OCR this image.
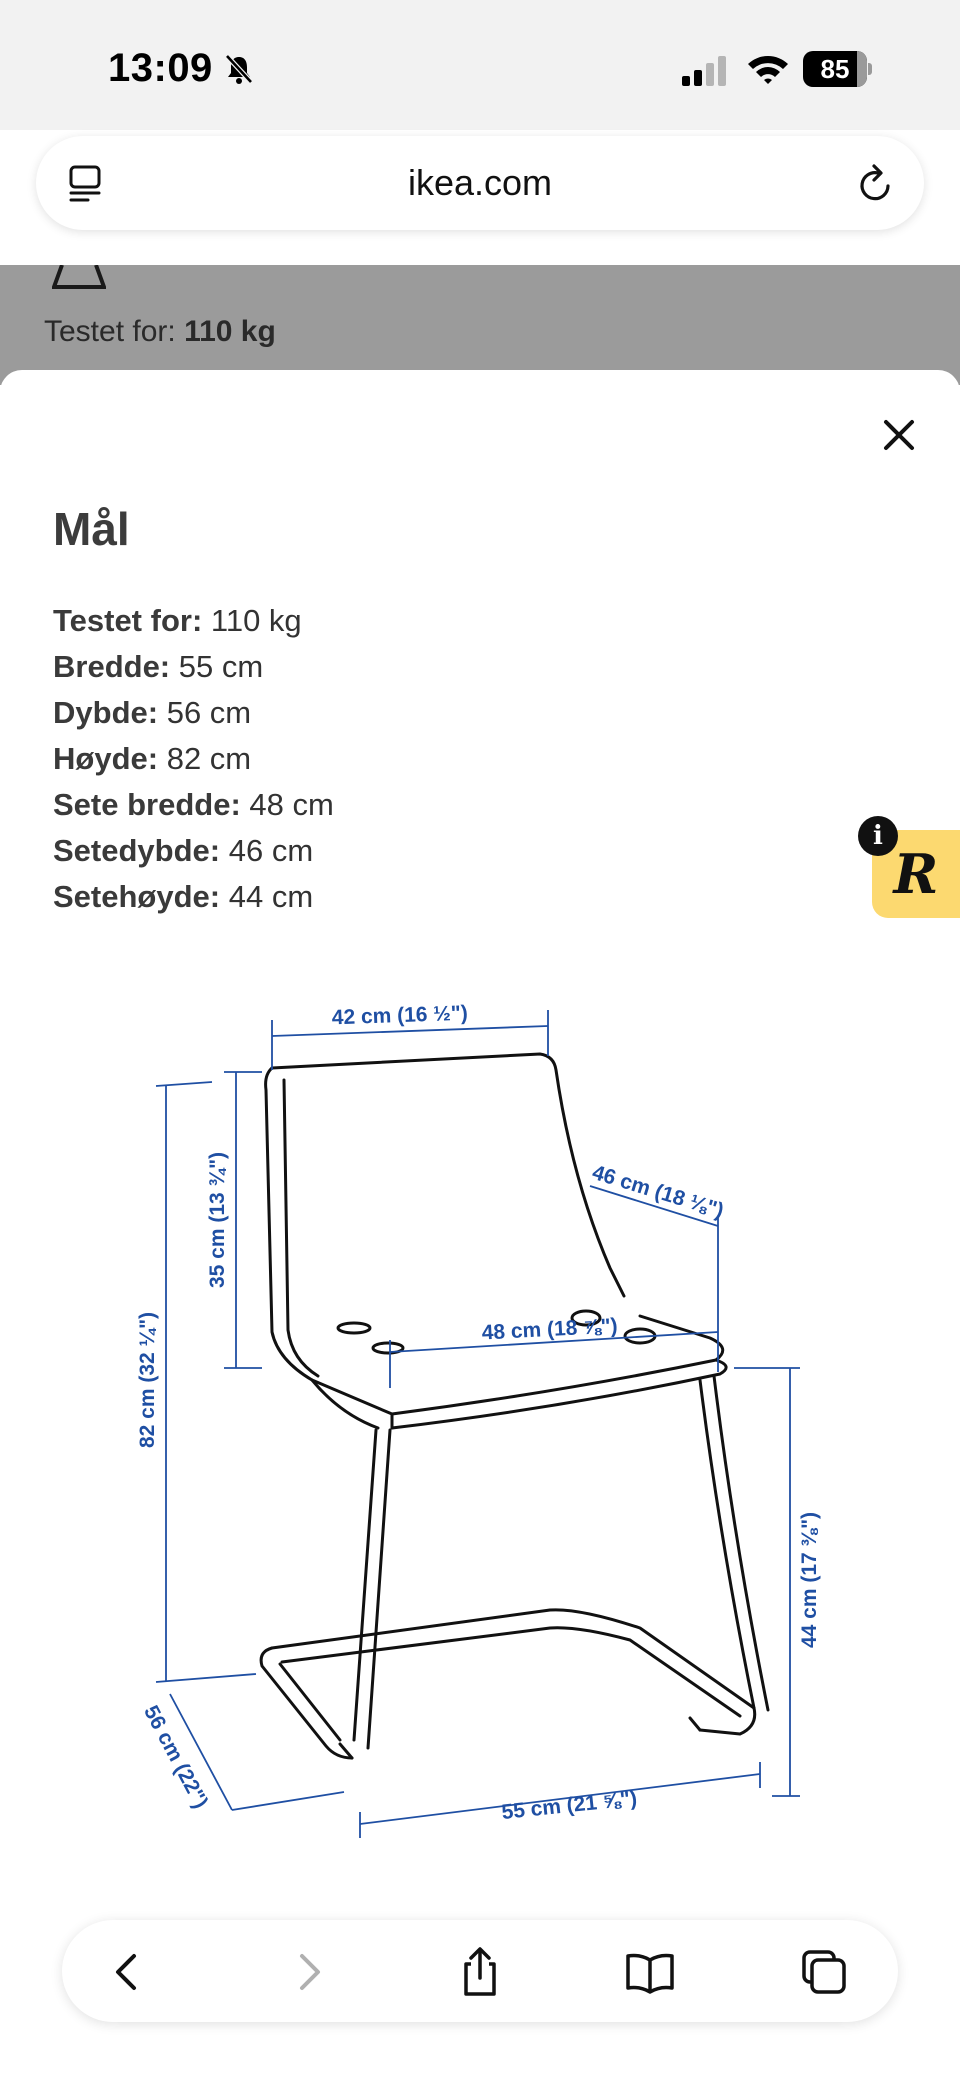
13:09	85
ikea.com
Testet for: 110 kg
Mål
Testet for: 110 kg
Bredde: 55 cm
Dybde: 56 cm
Høyde: 82 cm
Sete bredde: 48 cm
Setedybde: 46 cm
Setehøyde: 44 cm
42 cm (16 ½")
35 cm (13 ¾")
82 cm (32 ¼")
46 cm (18 ⅛")
48 cm (18 ⅞")
44 cm (17 ⅜")
56 cm (22")	55 cm (21 ⅝")
R
i
